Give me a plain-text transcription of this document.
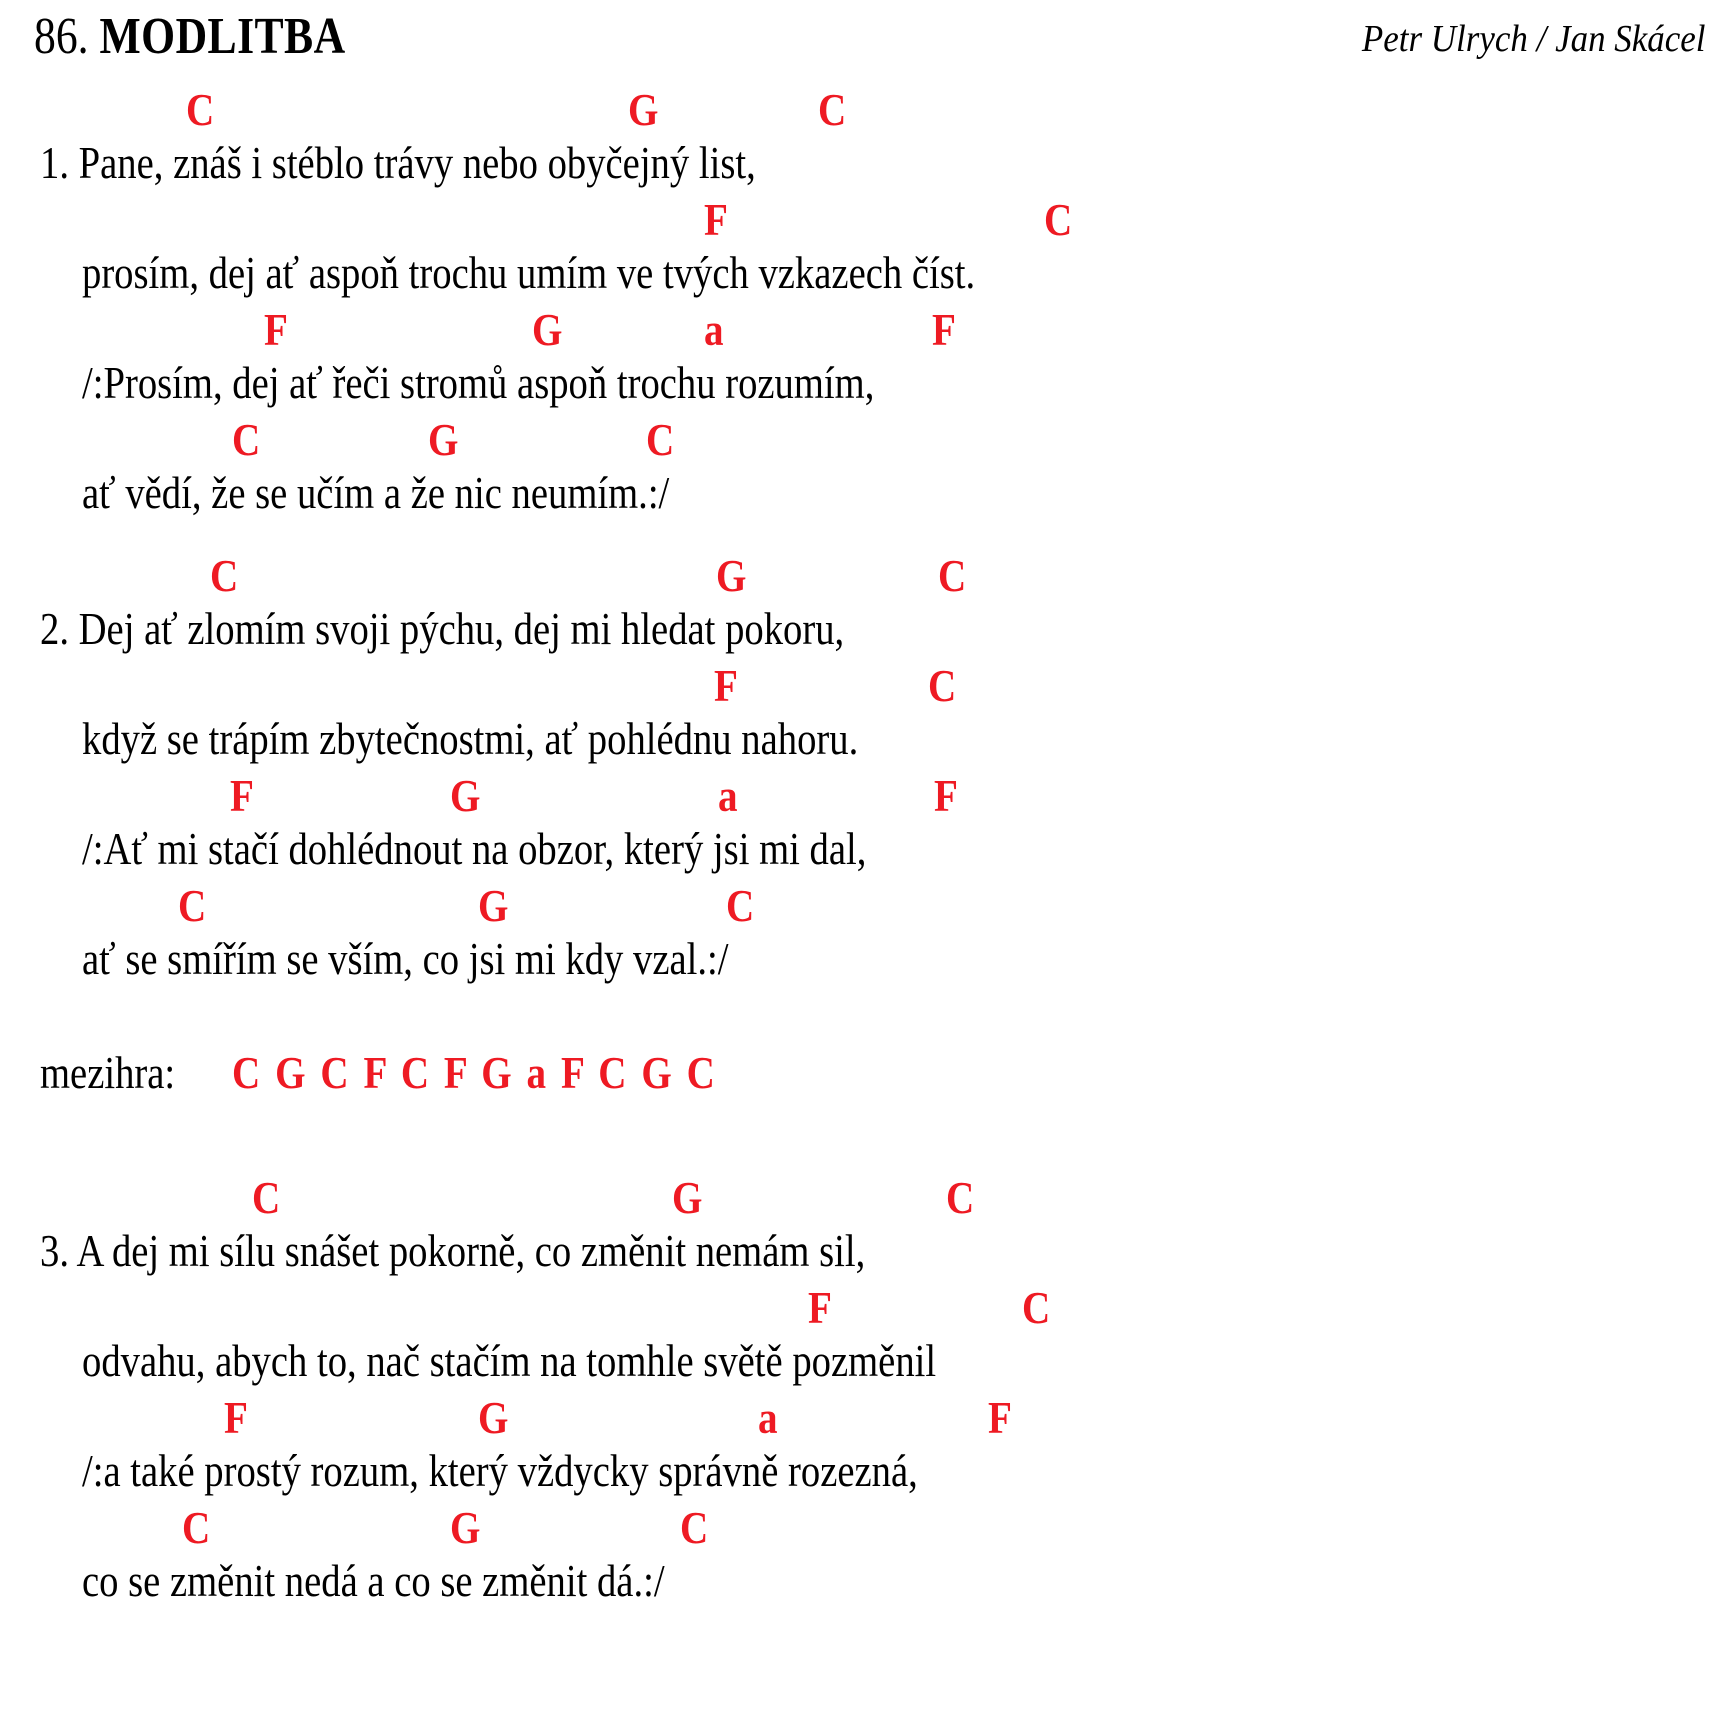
86. MODLITBA	Petr Ulrych / Jan Skácel
C	G	C
1. Pane, znáš i stéblo trávy nebo obyčejný list,
F	C
prosím, dej ať aspoň trochu umím ve tvých vzkazech číst.
F	G	a	F
/:Prosím, dej ať řeči stromů aspoň trochu rozumím,
C	G	C
ať vědí, že se učím a že nic neumím.:/
C	G	C
2. Dej ať zlomím svoji pýchu, dej mi hledat pokoru,
F	C
když se trápím zbytečnostmi, ať pohlédnu nahoru.
F	G	a	F
/:Ať mi stačí dohlédnout na obzor, který jsi mi dal,
C	G	C
ať se smířím se vším, co jsi mi kdy vzal.:/
mezihra: C G C F C F G a F C G C
C	G	C
3. A dej mi sílu snášet pokorně, co změnit nemám sil,
F	C
odvahu, abych to, nač stačím na tomhle světě pozměnil
F	G	a	F
/:a také prostý rozum, který vždycky správně rozezná,
C	G	C
co se změnit nedá a co se změnit dá.:/
